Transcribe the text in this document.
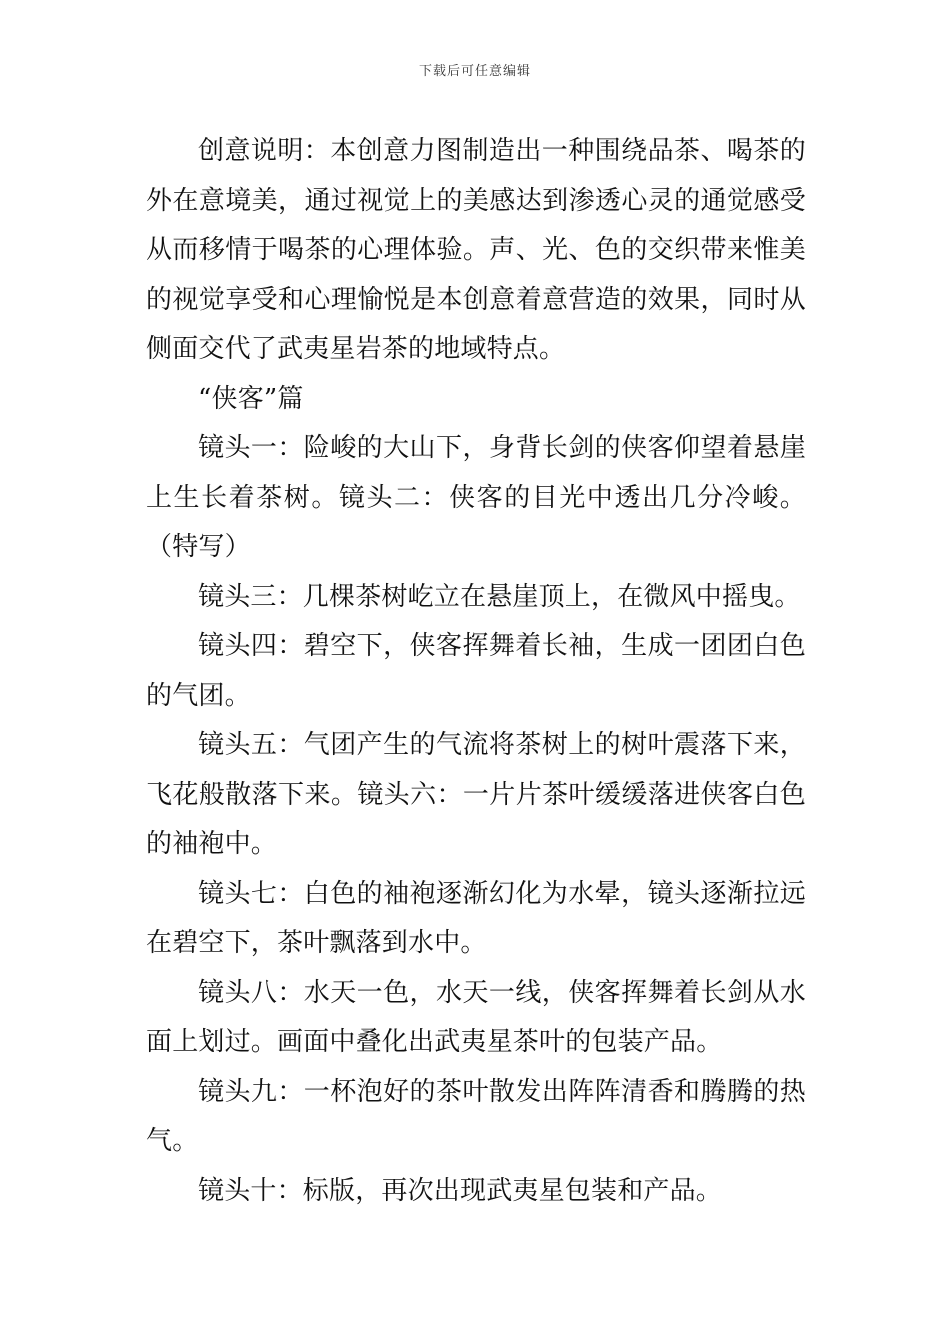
下载后可任意编辑

创意说明：本创意力图制造出一种围绕品茶、喝茶的外在意境美，通过视觉上的美感达到渗透心灵的通觉感受从而移情于喝茶的心理体验。声、光、色的交织带来惟美的视觉享受和心理愉悦是本创意着意营造的效果，同时从侧面交代了武夷星岩茶的地域特点。

“侠客”篇

镜头一：险峻的大山下，身背长剑的侠客仰望着悬崖上生长着茶树。镜头二：侠客的目光中透出几分冷峻。（特写）

镜头三：几棵茶树屹立在悬崖顶上，在微风中摇曳。

镜头四：碧空下，侠客挥舞着长袖，生成一团团白色的气团。

镜头五：气团产生的气流将茶树上的树叶震落下来，飞花般散落下来。镜头六：一片片茶叶缓缓落进侠客白色的袖袍中。

镜头七：白色的袖袍逐渐幻化为水晕，镜头逐渐拉远在碧空下，茶叶飘落到水中。

镜头八：水天一色，水天一线，侠客挥舞着长剑从水面上划过。画面中叠化出武夷星茶叶的包装产品。

镜头九：一杯泡好的茶叶散发出阵阵清香和腾腾的热气。

镜头十：标版，再次出现武夷星包装和产品。
